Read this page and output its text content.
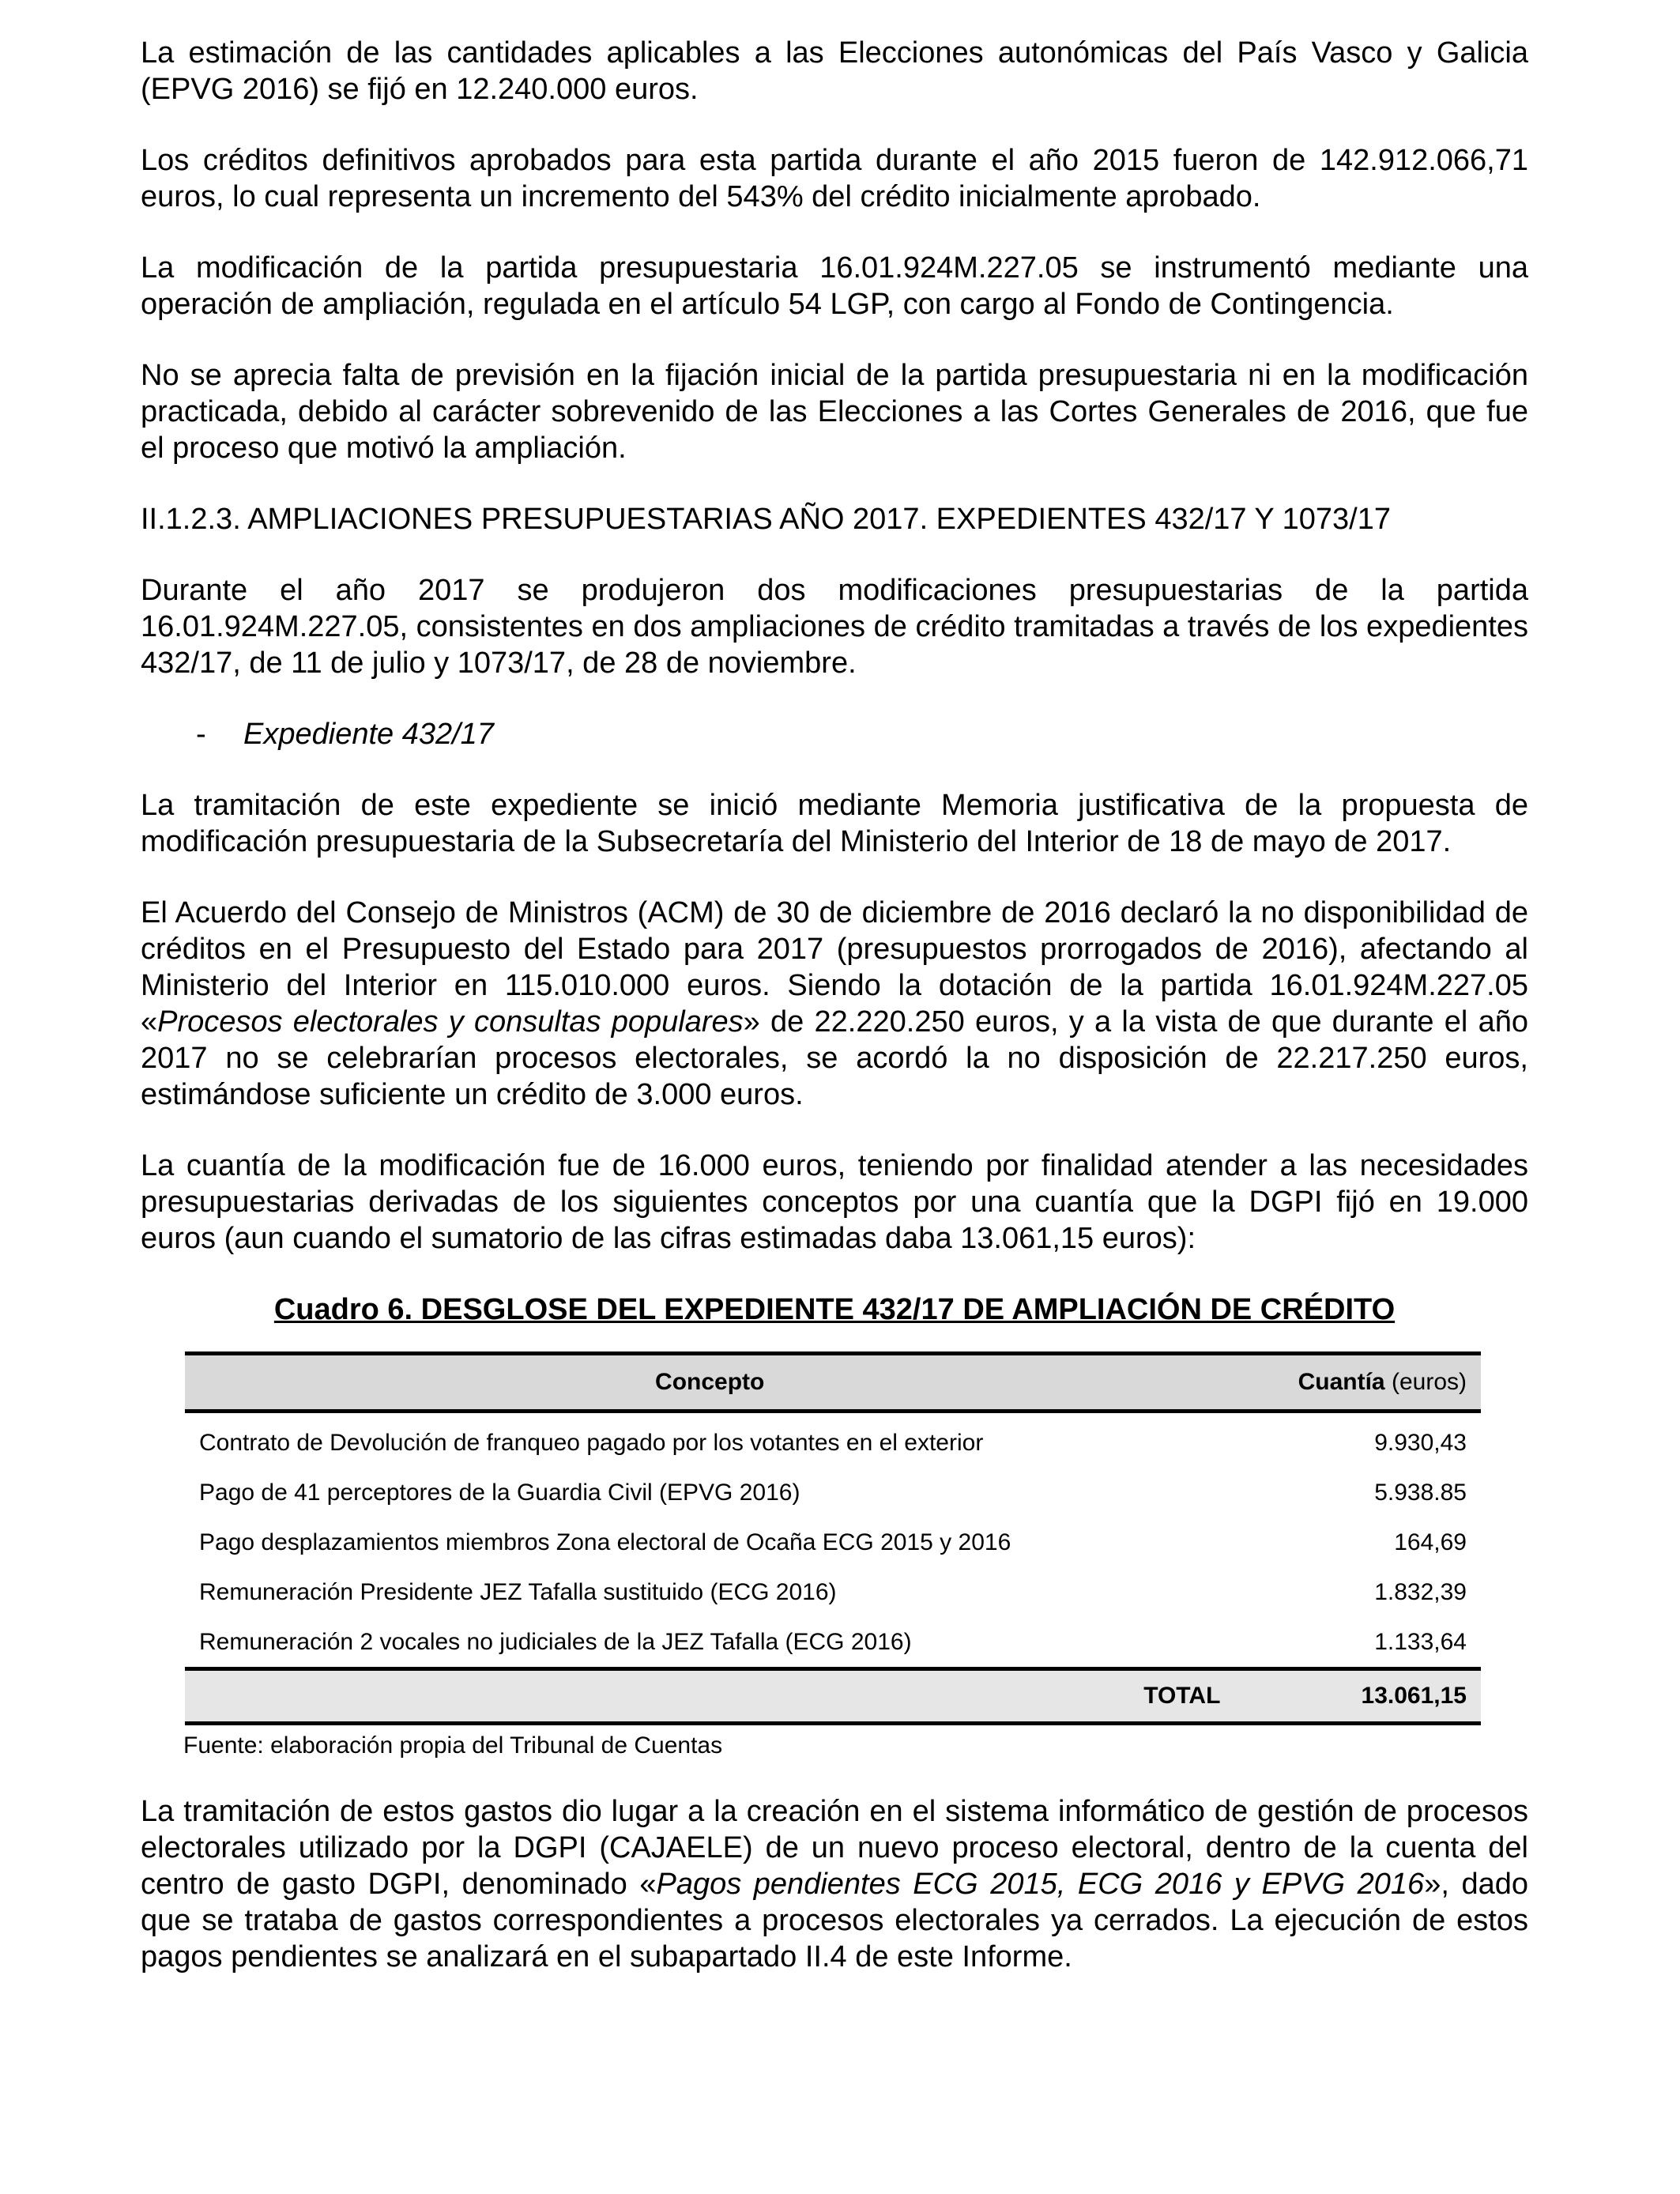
La estimación de las cantidades aplicables a las Elecciones autonómicas del País Vasco y Galicia (EPVG 2016) se fijó en 12.240.000 euros.

Los créditos definitivos aprobados para esta partida durante el año 2015 fueron de 142.912.066,71 euros, lo cual representa un incremento del 543% del crédito inicialmente aprobado.

La modificación de la partida presupuestaria 16.01.924M.227.05 se instrumentó mediante una operación de ampliación, regulada en el artículo 54 LGP, con cargo al Fondo de Contingencia.

No se aprecia falta de previsión en la fijación inicial de la partida presupuestaria ni en la modificación practicada, debido al carácter sobrevenido de las Elecciones a las Cortes Generales de 2016, que fue el proceso que motivó la ampliación.

II.1.2.3. AMPLIACIONES PRESUPUESTARIAS AÑO 2017. EXPEDIENTES 432/17 Y 1073/17

Durante el año 2017 se produjeron dos modificaciones presupuestarias de la partida 16.01.924M.227.05, consistentes en dos ampliaciones de crédito tramitadas a través de los expedientes 432/17, de 11 de julio y 1073/17, de 28 de noviembre.

-	Expediente 432/17

La tramitación de este expediente se inició mediante Memoria justificativa de la propuesta de modificación presupuestaria de la Subsecretaría del Ministerio del Interior de 18 de mayo de 2017.

El Acuerdo del Consejo de Ministros (ACM) de 30 de diciembre de 2016 declaró la no disponibilidad de créditos en el Presupuesto del Estado para 2017 (presupuestos prorrogados de 2016), afectando al Ministerio del Interior en 115.010.000 euros. Siendo la dotación de la partida 16.01.924M.227.05 «Procesos electorales y consultas populares» de 22.220.250 euros, y a la vista de que durante el año 2017 no se celebrarían procesos electorales, se acordó la no disposición de 22.217.250 euros, estimándose suficiente un crédito de 3.000 euros.

La cuantía de la modificación fue de 16.000 euros, teniendo por finalidad atender a las necesidades presupuestarias derivadas de los siguientes conceptos por una cuantía que la DGPI fijó en 19.000 euros (aun cuando el sumatorio de las cifras estimadas daba 13.061,15 euros):

Cuadro 6. DESGLOSE DEL EXPEDIENTE 432/17 DE AMPLIACIÓN DE CRÉDITO
Concepto	Cuantía (euros)
Contrato de Devolución de franqueo pagado por los votantes en el exterior	9.930,43
Pago de 41 perceptores de la Guardia Civil (EPVG 2016)	5.938.85
Pago desplazamientos miembros Zona electoral de Ocaña ECG 2015 y 2016	164,69
Remuneración Presidente JEZ Tafalla sustituido (ECG 2016)	1.832,39
Remuneración 2 vocales no judiciales de la JEZ Tafalla (ECG 2016)	1.133,64
TOTAL	13.061,15
Fuente: elaboración propia del Tribunal de Cuentas

La tramitación de estos gastos dio lugar a la creación en el sistema informático de gestión de procesos electorales utilizado por la DGPI (CAJAELE) de un nuevo proceso electoral, dentro de la cuenta del centro de gasto DGPI, denominado «Pagos pendientes ECG 2015, ECG 2016 y EPVG 2016», dado que se trataba de gastos correspondientes a procesos electorales ya cerrados. La ejecución de estos pagos pendientes se analizará en el subapartado II.4 de este Informe.
